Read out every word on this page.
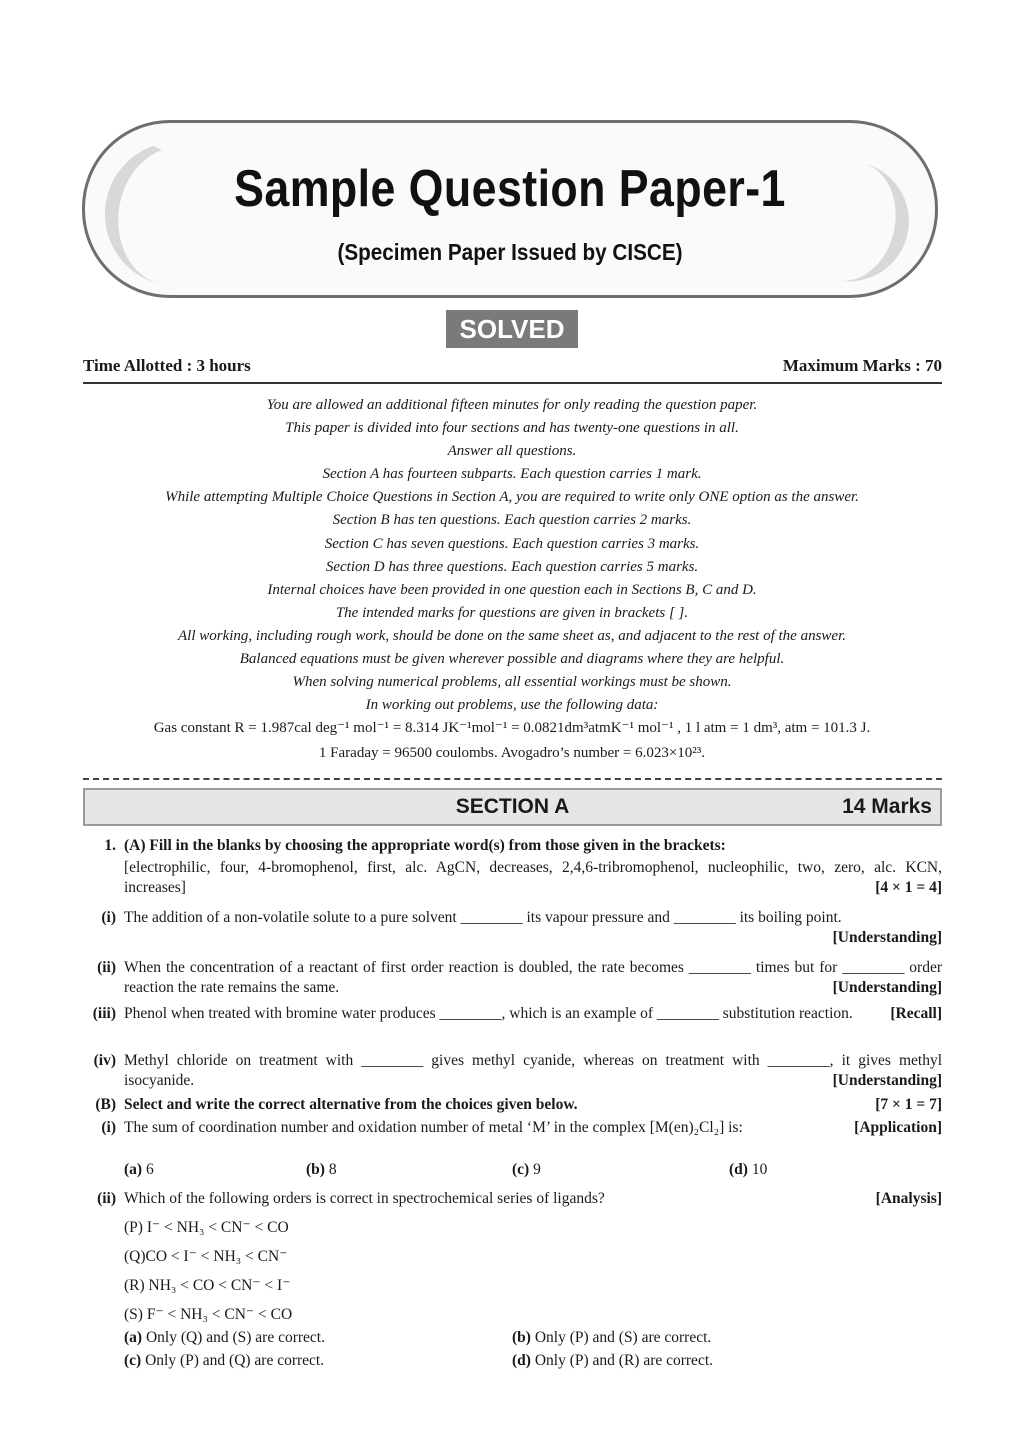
Sample Question Paper-1
(Specimen Paper Issued by CISCE)
SOLVED
Time Allotted : 3 hours	Maximum Marks : 70
You are allowed an additional fifteen minutes for only reading the question paper.
This paper is divided into four sections and has twenty-one questions in all.
Answer all questions.
Section A has fourteen subparts. Each question carries 1 mark.
While attempting Multiple Choice Questions in Section A, you are required to write only ONE option as the answer.
Section B has ten questions. Each question carries 2 marks.
Section C has seven questions. Each question carries 3 marks.
Section D has three questions. Each question carries 5 marks.
Internal choices have been provided in one question each in Sections B, C and D.
The intended marks for questions are given in brackets [ ].
All working, including rough work, should be done on the same sheet as, and adjacent to the rest of the answer.
Balanced equations must be given wherever possible and diagrams where they are helpful.
When solving numerical problems, all essential workings must be shown.
In working out problems, use the following data:
Gas constant R = 1.987cal deg⁻¹ mol⁻¹ = 8.314 JK⁻¹mol⁻¹ = 0.0821dm³atmK⁻¹ mol⁻¹ , 1 l atm = 1 dm³, atm = 101.3 J.
1 Faraday = 96500 coulombs. Avogadro’s number = 6.023×10²³.
SECTION A	14 Marks
1. (A) Fill in the blanks by choosing the appropriate word(s) from those given in the brackets:
[electrophilic, four, 4-bromophenol, first, alc. AgCN, decreases, 2,4,6-tribromophenol, nucleophilic, two, zero, alc. KCN, increases]	[4 × 1 = 4]
(i) The addition of a non-volatile solute to a pure solvent ________ its vapour pressure and ________ its boiling point.
[Understanding]
(ii) When the concentration of a reactant of first order reaction is doubled, the rate becomes ________ times but for ________ order reaction the rate remains the same.	[Understanding]
(iii) Phenol when treated with bromine water produces ________, which is an example of ________ substitution reaction. [Recall]
(iv) Methyl chloride on treatment with ________ gives methyl cyanide, whereas on treatment with ________, it gives methyl isocyanide.	[Understanding]
(B) Select and write the correct alternative from the choices given below.	[7 × 1 = 7]
(i) The sum of coordination number and oxidation number of metal ‘M’ in the complex [M(en)₂Cl₂] is:	[Application]
(a) 6	(b) 8	(c) 9	(d) 10
(ii) Which of the following orders is correct in spectrochemical series of ligands?	[Analysis]
(P) I⁻ < NH₃ < CN⁻ < CO
(Q)CO < I⁻ < NH₃ < CN⁻
(R) NH₃ < CO < CN⁻ < I⁻
(S) F⁻ < NH₃ < CN⁻ < CO
(a) Only (Q) and (S) are correct.	(b) Only (P) and (S) are correct.
(c) Only (P) and (Q) are correct.	(d) Only (P) and (R) are correct.
